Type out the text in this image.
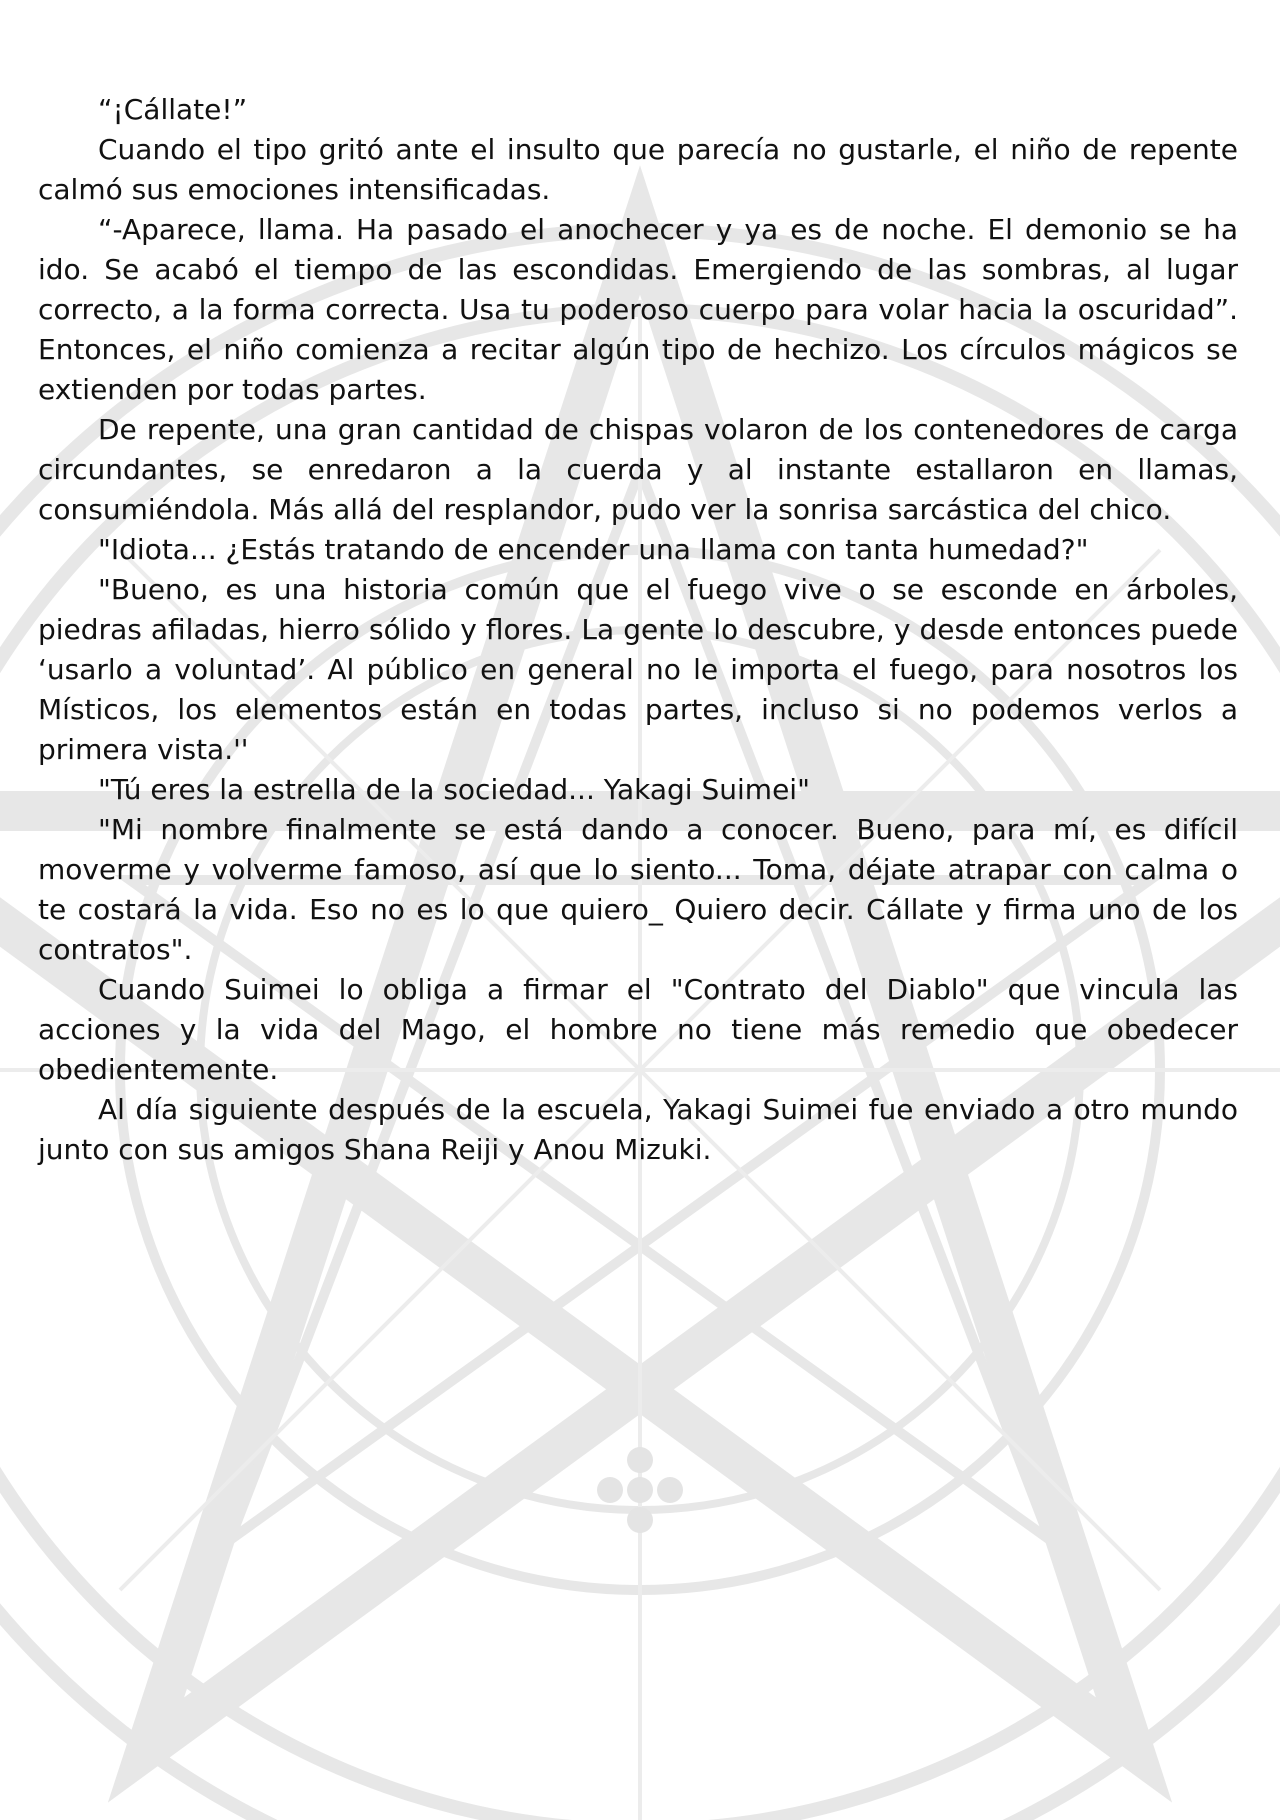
“¡Cállate!”

Cuando el tipo gritó ante el insulto que parecía no gustarle, el niño de repente calmó sus emociones intensificadas.

“-Aparece, llama. Ha pasado el anochecer y ya es de noche. El demonio se ha ido. Se acabó el tiempo de las escondidas. Emergiendo de las sombras, al lugar correcto, a la forma correcta. Usa tu poderoso cuerpo para volar hacia la oscuridad”. Entonces, el niño comienza a recitar algún tipo de hechizo. Los círculos mágicos se extienden por todas partes.

De repente, una gran cantidad de chispas volaron de los contenedores de carga circundantes, se enredaron a la cuerda y al instante estallaron en llamas, consumiéndola. Más allá del resplandor, pudo ver la sonrisa sarcástica del chico.

"Idiota... ¿Estás tratando de encender una llama con tanta humedad?"

"Bueno, es una historia común que el fuego vive o se esconde en árboles, piedras afiladas, hierro sólido y flores. La gente lo descubre, y desde entonces puede ‘usarlo a voluntad’. Al público en general no le importa el fuego, para nosotros los Místicos, los elementos están en todas partes, incluso si no podemos verlos a primera vista.''

"Tú eres la estrella de la sociedad... Yakagi Suimei"

"Mi nombre finalmente se está dando a conocer. Bueno, para mí, es difícil moverme y volverme famoso, así que lo siento... Toma, déjate atrapar con calma o te costará la vida. Eso no es lo que quiero_ Quiero decir. Cállate y firma uno de los contratos".

Cuando Suimei lo obliga a firmar el "Contrato del Diablo" que vincula las acciones y la vida del Mago, el hombre no tiene más remedio que obedecer obedientemente.

Al día siguiente después de la escuela, Yakagi Suimei fue enviado a otro mundo junto con sus amigos Shana Reiji y Anou Mizuki.
